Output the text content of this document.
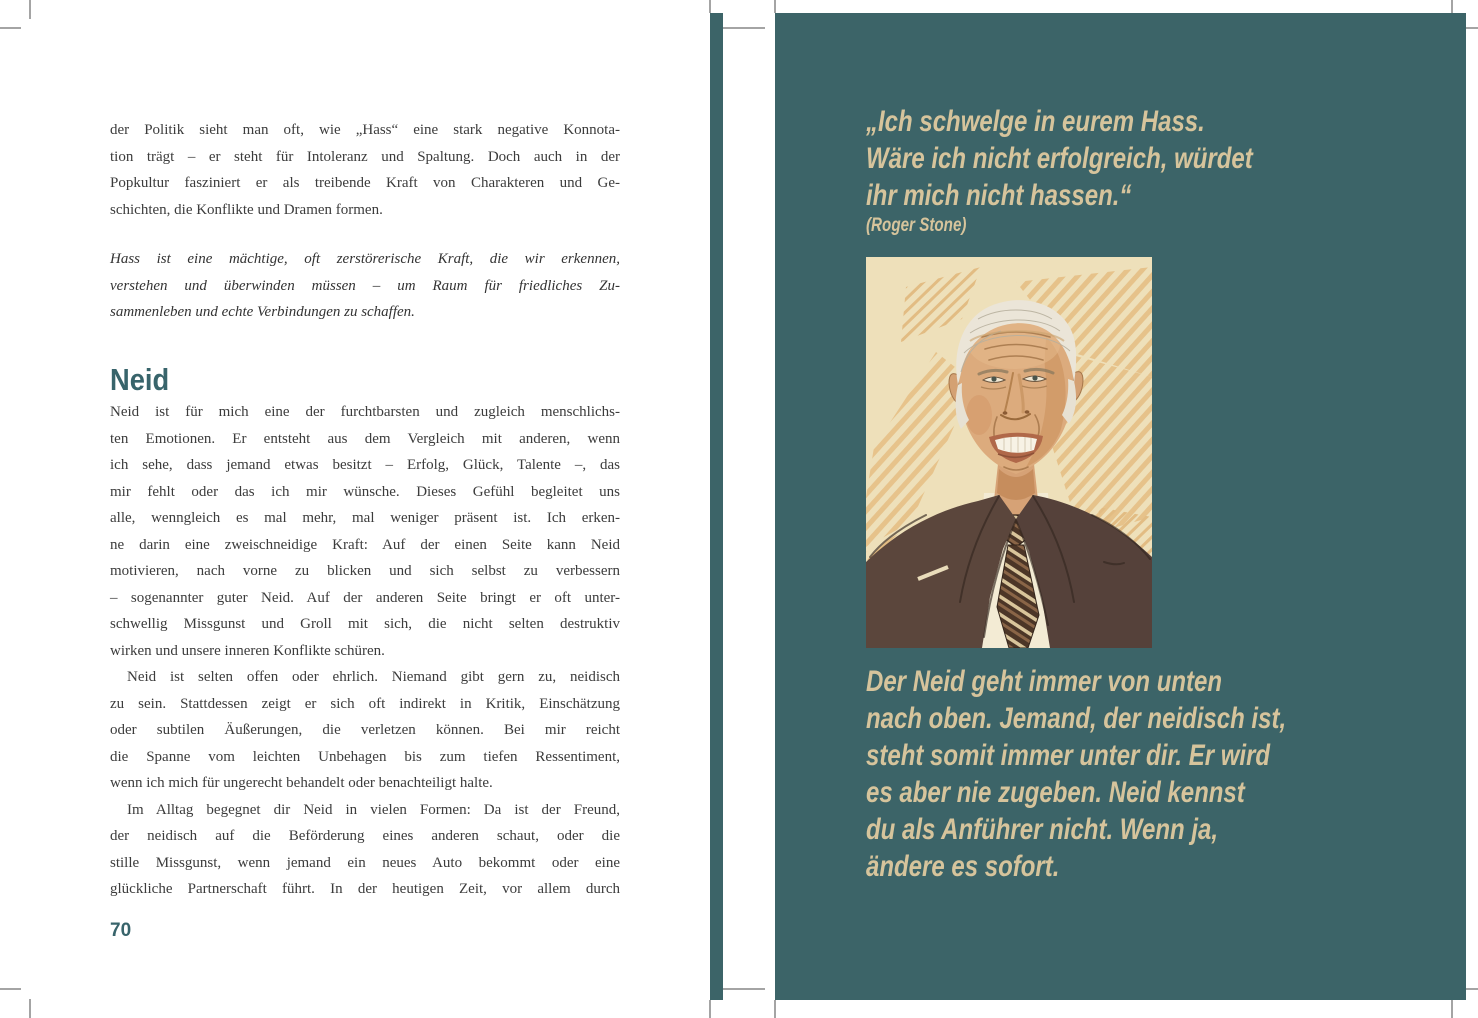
der Politik sieht man oft, wie „Hass“ eine stark negative Konnota-
tion trägt – er steht für Intoleranz und Spaltung. Doch auch in der
Popkultur fasziniert er als treibende Kraft von Charakteren und Ge-
schichten, die Konflikte und Dramen formen.
Hass ist eine mächtige, oft zerstörerische Kraft, die wir erkennen,
verstehen und überwinden müssen – um Raum für friedliches Zu-
sammenleben und echte Verbindungen zu schaffen.
Neid
Neid ist für mich eine der furchtbarsten und zugleich menschlichs-
ten Emotionen. Er entsteht aus dem Vergleich mit anderen, wenn
ich sehe, dass jemand etwas besitzt – Erfolg, Glück, Talente –, das
mir fehlt oder das ich mir wünsche. Dieses Gefühl begleitet uns
alle, wenngleich es mal mehr, mal weniger präsent ist. Ich erken-
ne darin eine zweischneidige Kraft: Auf der einen Seite kann Neid
motivieren, nach vorne zu blicken und sich selbst zu verbessern
– sogenannter guter Neid. Auf der anderen Seite bringt er oft unter-
schwellig Missgunst und Groll mit sich, die nicht selten destruktiv
wirken und unsere inneren Konflikte schüren.
Neid ist selten offen oder ehrlich. Niemand gibt gern zu, neidisch
zu sein. Stattdessen zeigt er sich oft indirekt in Kritik, Einschätzung
oder subtilen Äußerungen, die verletzen können. Bei mir reicht
die Spanne vom leichten Unbehagen bis zum tiefen Ressentiment,
wenn ich mich für ungerecht behandelt oder benachteiligt halte.
Im Alltag begegnet dir Neid in vielen Formen: Da ist der Freund,
der neidisch auf die Beförderung eines anderen schaut, oder die
stille Missgunst, wenn jemand ein neues Auto bekommt oder eine
glückliche Partnerschaft führt. In der heutigen Zeit, vor allem durch
70
„Ich schwelge in eurem Hass.
Wäre ich nicht erfolgreich, würdet
ihr mich nicht hassen.“
(Roger Stone)
Der Neid geht immer von unten
nach oben. Jemand, der neidisch ist,
steht somit immer unter dir. Er wird
es aber nie zugeben. Neid kennst
du als Anführer nicht. Wenn ja,
ändere es sofort.
